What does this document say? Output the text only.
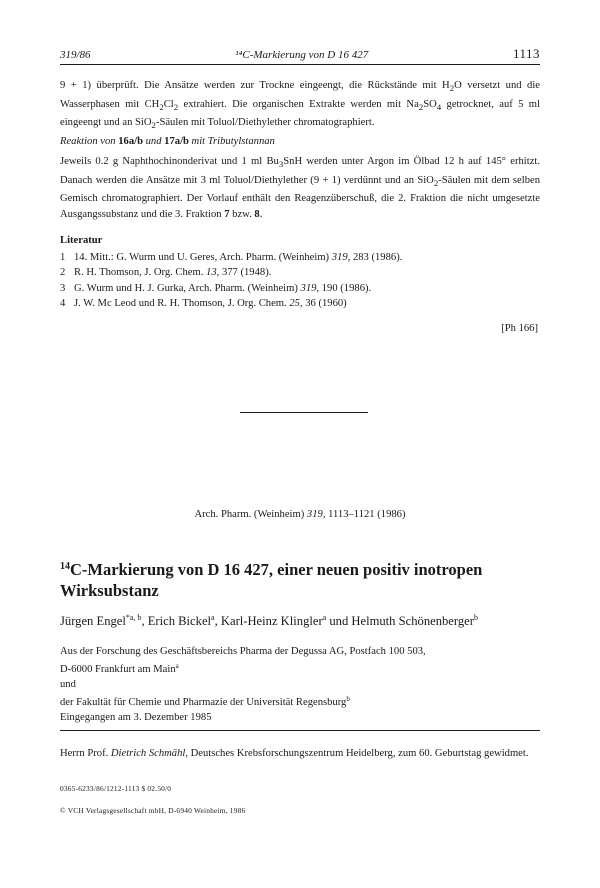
319/86	¹⁴C-Markierung von D 16 427	1113
9 + 1) überprüft. Die Ansätze werden zur Trockne eingeengt, die Rückstände mit $H_2O$ versetzt und die Wasserphasen mit $CH_2Cl_2$ extrahiert. Die organischen Extrakte werden mit $Na_2SO_4$ getrocknet, auf 5 ml eingeengt und an SiO$_2$-Säulen mit Toluol/Diethylether chromatographiert.
Reaktion von 16a/b und 17a/b mit Tributylstannan
Jeweils 0.2 g Naphthochinonderivat und 1 ml $Bu_3SnH$ werden unter Argon im Ölbad 12 h auf 145° erhitzt. Danach werden die Ansätze mit 3 ml Toluol/Diethylether (9 + 1) verdünnt und an SiO$_2$-Säulen mit dem selben Gemisch chromatographiert. Der Vorlauf enthält den Reagenzüberschuß, die 2. Fraktion die nicht umgesetzte Ausgangssubstanz und die 3. Fraktion 7 bzw. 8.
Literatur
1 14. Mitt.: G. Wurm und U. Geres, Arch. Pharm. (Weinheim) 319, 283 (1986).
2 R. H. Thomson, J. Org. Chem. 13, 377 (1948).
3 G. Wurm und H. J. Gurka, Arch. Pharm. (Weinheim) 319, 190 (1986).
4 J. W. Mc Leod und R. H. Thomson, J. Org. Chem. 25, 36 (1960)
[Ph 166]
Arch. Pharm. (Weinheim) 319, 1113–1121 (1986)
$^{14}$C-Markierung von D 16 427, einer neuen positiv inotropen Wirksubstanz
Jürgen Engel$^{*a, b}$, Erich Bickel$^a$, Karl-Heinz Klingler$^a$ und Helmuth Schönenberger$^b$
Aus der Forschung des Geschäftsbereichs Pharma der Degussa AG, Postfach 100 503,
D-6000 Frankfurt am Main$^a$
und
der Fakultät für Chemie und Pharmazie der Universität Regensburg$^b$
Eingegangen am 3. Dezember 1985
Herrn Prof. Dietrich Schmähl, Deutsches Krebsforschungszentrum Heidelberg, zum 60. Geburtstag gewidmet.
0365-6233/86/1212-1113 $ 02.50/0
© VCH Verlagsgesellschaft mbH, D-6940 Weinheim, 1986
